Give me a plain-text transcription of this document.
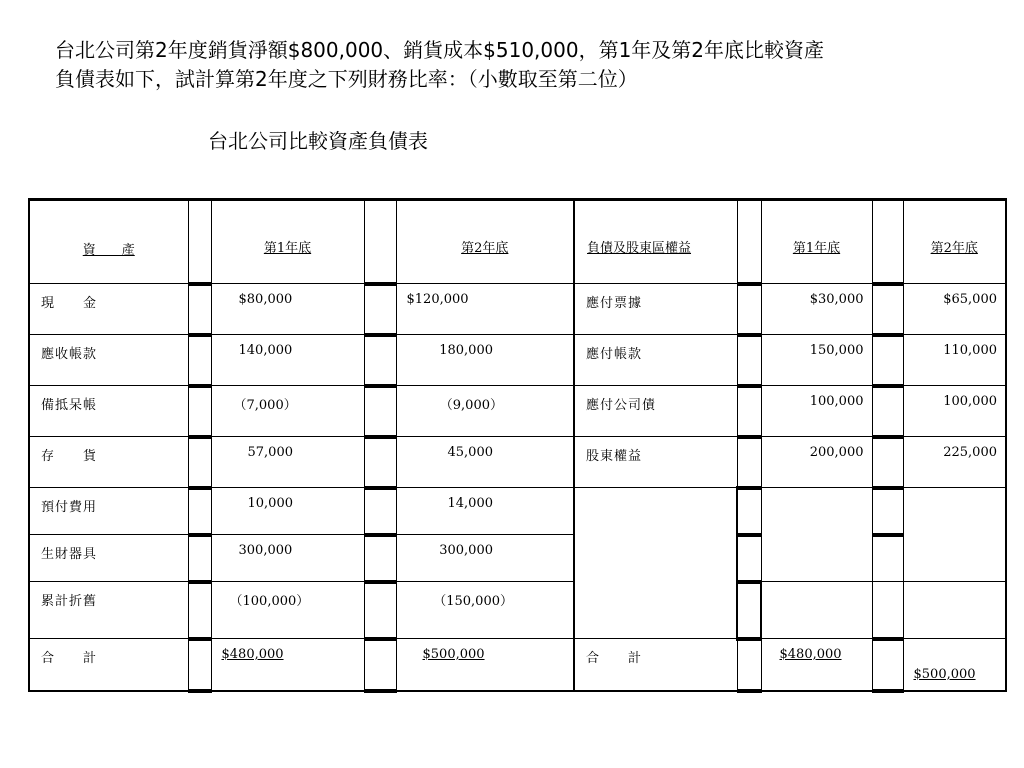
台北公司第2年度銷貨淨額$800,000、銷貨成本$510,000，第1年及第2年底比較資產
負債表如下，試計算第2年度之下列財務比率：（小數取至第二位）
台北公司比較資產負債表
資　　產		第1年底		第2年底	負債及股東區權益		第1年底		第2年底

現　　金		$80,000		$120,000	應付票據		$30,000		$65,000

應收帳款		140,000		180,000	應付帳款		150,000		110,000

備抵呆帳		（7,000）		（9,000）	應付公司債		100,000		100,000

存　　貨		57,000		45,000	股東權益		200,000		225,000

預付費用		10,000		14,000					

生財器具		300,000		300,000					

累計折舊		（100,000）		（150,000）					

合　　計		$480,000		$500,000	合　　計		$480,000		$500,000
